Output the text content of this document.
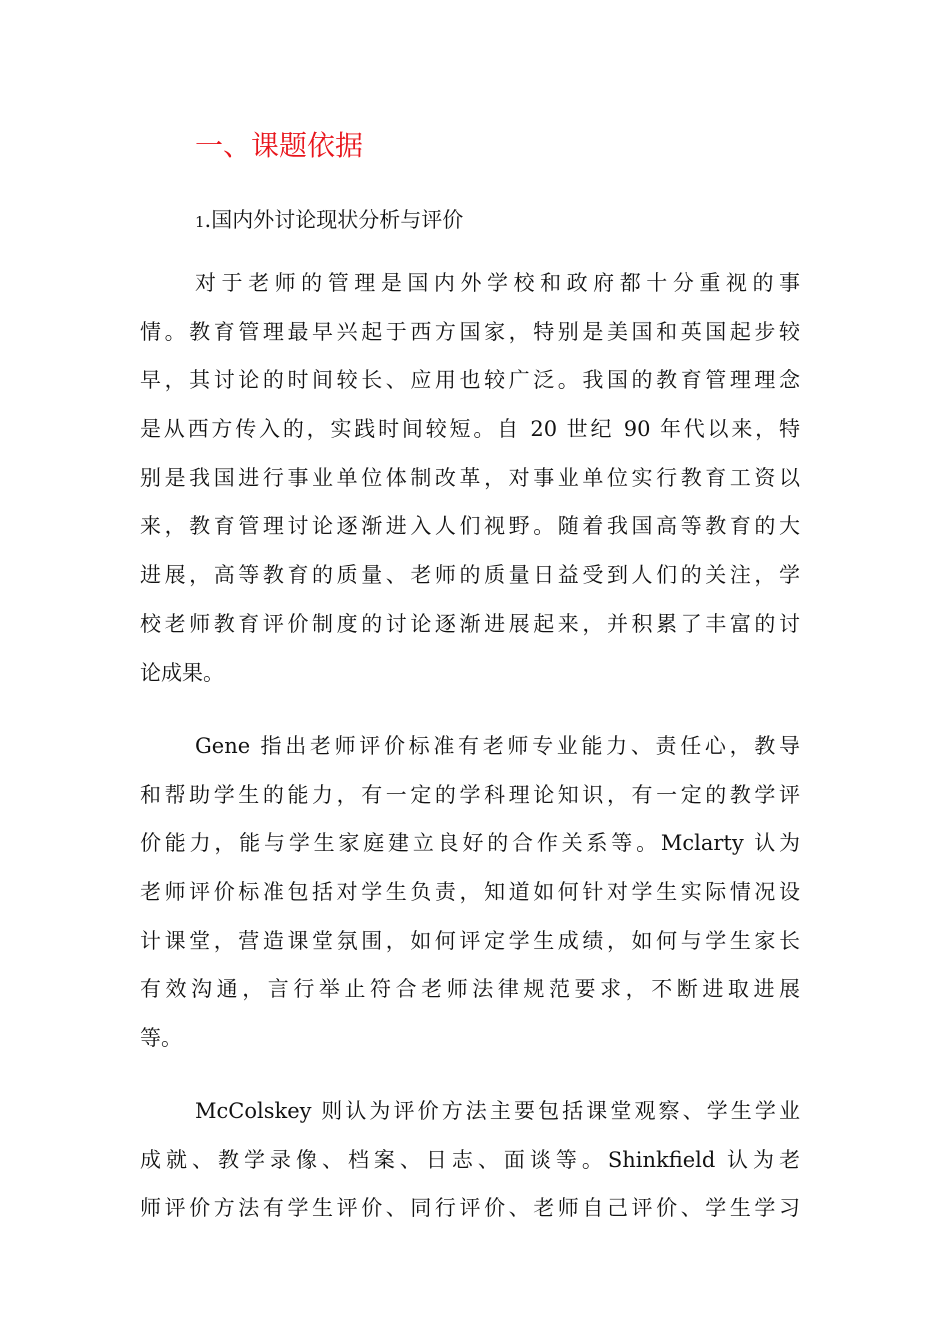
一、课题依据
1.国内外讨论现状分析与评价
对于老师的管理是国内外学校和政府都十分重视的事
情。教育管理最早兴起于西方国家，特别是美国和英国起步较
早，其讨论的时间较长、应用也较广泛。我国的教育管理理念
是从西方传入的，实践时间较短。自 20 世纪 90 年代以来，特
别是我国进行事业单位体制改革，对事业单位实行教育工资以
来，教育管理讨论逐渐进入人们视野。随着我国高等教育的大
进展，高等教育的质量、老师的质量日益受到人们的关注，学
校老师教育评价制度的讨论逐渐进展起来，并积累了丰富的讨
论成果。
Gene 指出老师评价标准有老师专业能力、责任心，教导
和帮助学生的能力，有一定的学科理论知识，有一定的教学评
价能力，能与学生家庭建立良好的合作关系等。Mclarty 认为
老师评价标准包括对学生负责，知道如何针对学生实际情况设
计课堂，营造课堂氛围，如何评定学生成绩，如何与学生家长
有效沟通，言行举止符合老师法律规范要求，不断进取进展
等。
McColskey 则认为评价方法主要包括课堂观察、学生学业
成就、教学录像、档案、日志、面谈等。Shinkfield 认为老
师评价方法有学生评价、同行评价、老师自己评价、学生学习
